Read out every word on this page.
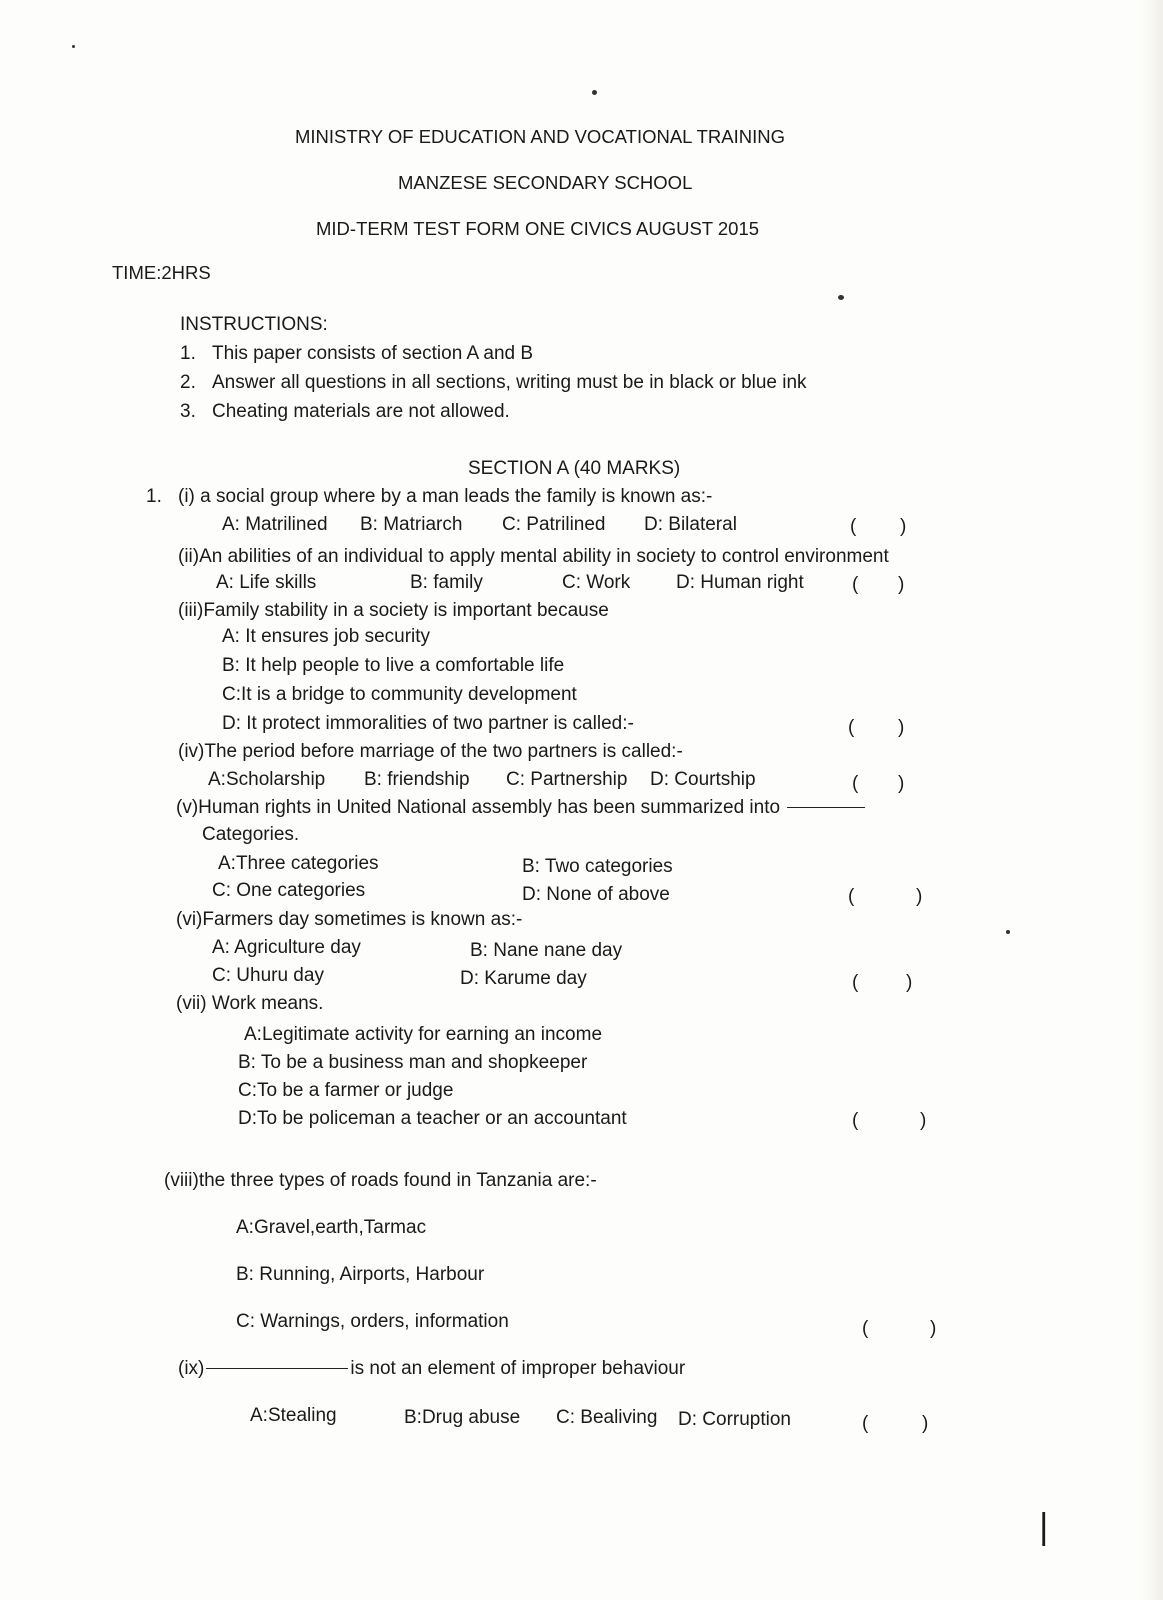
MINISTRY OF EDUCATION AND VOCATIONAL TRAINING
MANZESE SECONDARY SCHOOL
MID-TERM TEST FORM ONE CIVICS AUGUST 2015
TIME:2HRS
INSTRUCTIONS:
1. This paper consists of section A and B
2. Answer all questions in all sections, writing must be in black or blue ink
3. Cheating materials are not allowed.
SECTION A (40 MARKS)
1. (i) a social group where by a man leads the family is known as:-
A: Matrilined B: Matriarch C: Patrilined D: Bilateral	( )
(ii)An abilities of an individual to apply mental ability in society to control environment
A: Life skills	B: family	C: Work D: Human right	( )
(iii)Family stability in a society is important because
A: It ensures job security
B: It help people to live a comfortable life
C:It is a bridge to community development
D: It protect immoralities of two partner is called:-	( )
(iv)The period before marriage of the two partners is called:-
A:Scholarship B: friendship C: Partnership D: Courtship	( )
(v)Human rights in United National assembly has been summarized into
Categories.
A:Three categories	B: Two categories
C: One categories	D: None of above	(	)
(vi)Farmers day sometimes is known as:-
A: Agriculture day	B: Nane nane day
C: Uhuru day	D: Karume day	(	)
(vii) Work means.
A:Legitimate activity for earning an income
B: To be a business man and shopkeeper
C:To be a farmer or judge
D:To be policeman a teacher or an accountant	(	)
(viii)the three types of roads found in Tanzania are:-
A:Gravel,earth,Tarmac
B: Running, Airports, Harbour
C: Warnings, orders, information	(	)
(ix)	is not an element of improper behaviour
A:Stealing	B:Drug abuse C: Bealiving D: Corruption	(	)
|
